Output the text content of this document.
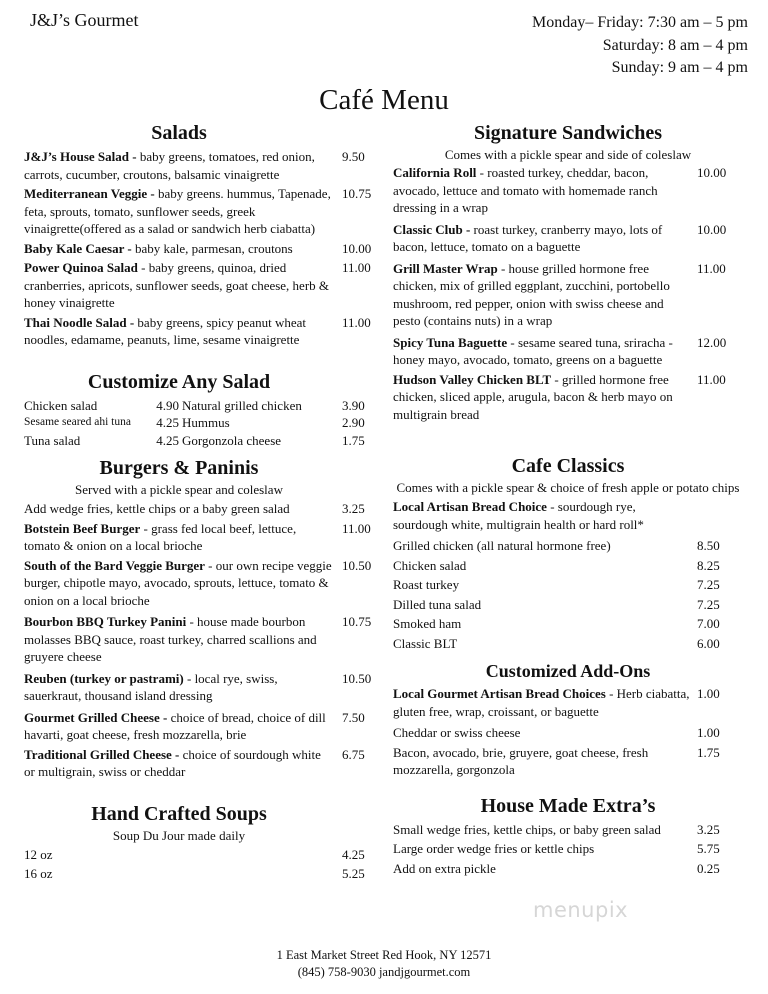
J&J’s Gourmet	Monday– Friday: 7:30 am – 5 pm
Saturday: 8 am – 4 pm
Sunday: 9 am – 4 pm
Café Menu
Salads
J&J’s House Salad - baby greens, tomatoes, red onion, carrots, cucumber, croutons, balsamic vinaigrette
9.50
Mediterranean Veggie - baby greens. hummus, Tapenade, feta, sprouts, tomato, sunflower seeds, greek vinaigrette(offered as a salad or sandwich herb ciabatta)
10.75
Baby Kale Caesar - baby kale, parmesan, croutons	10.00
Power Quinoa Salad - baby greens, quinoa, dried cranberries, apricots, sunflower seeds, goat cheese, herb & honey vinaigrette
11.00
Thai Noodle Salad - baby greens, spicy peanut wheat noodles, edamame, peanuts, lime, sesame vinaigrette
11.00
Customize Any Salad
Chicken salad	4.90 Natural grilled chicken	3.90
Sesame seared ahi tuna	4.25 Hummus	2.90
Tuna salad	4.25 Gorgonzola cheese	1.75
Burgers & Paninis
Served with a pickle spear and coleslaw
Add wedge fries, kettle chips or a baby green salad	3.25
Botstein Beef Burger - grass fed local beef, lettuce, tomato & onion on a local brioche
11.00
South of the Bard Veggie Burger - our own recipe veggie burger, chipotle mayo, avocado, sprouts, lettuce, tomato & onion on a local brioche
10.50
Bourbon BBQ Turkey Panini - house made bourbon molasses BBQ sauce, roast turkey, charred scallions and gruyere cheese
10.75
Reuben (turkey or pastrami) - local rye, swiss, sauerkraut, thousand island dressing
10.50
Gourmet Grilled Cheese - choice of bread, choice of dill havarti, goat cheese, fresh mozzarella, brie
7.50
Traditional Grilled Cheese - choice of sourdough white or multigrain, swiss or cheddar
6.75
Hand Crafted Soups
Soup Du Jour made daily
12 oz	4.25
16 oz	5.25
Signature Sandwiches
Comes with a pickle spear and side of coleslaw
California Roll - roasted turkey, cheddar, bacon, avocado, lettuce and tomato with homemade ranch dressing in a wrap
10.00
Classic Club - roast turkey, cranberry mayo, lots of bacon, lettuce, tomato on a baguette
10.00
Grill Master Wrap - house grilled hormone free chicken, mix of grilled eggplant, zucchini, portobello mushroom, red pepper, onion with swiss cheese and pesto (contains nuts) in a wrap
11.00
Spicy Tuna Baguette - sesame seared tuna, sriracha - honey mayo, avocado, tomato, greens on a baguette
12.00
Hudson Valley Chicken BLT - grilled hormone free chicken, sliced apple, arugula, bacon & herb mayo on multigrain bread
11.00
Cafe Classics
Comes with a pickle spear & choice of fresh apple or potato chips
Local Artisan Bread Choice - sourdough rye, sourdough white, multigrain health or hard roll*
Grilled chicken (all natural hormone free)	8.50
Chicken salad	8.25
Roast turkey	7.25
Dilled tuna salad	7.25
Smoked ham	7.00
Classic BLT	6.00
Customized Add-Ons
Local Gourmet Artisan Bread Choices - Herb ciabatta, gluten free, wrap, croissant, or baguette
1.00
Cheddar or swiss cheese	1.00
Bacon, avocado, brie, gruyere, goat cheese, fresh mozzarella, gorgonzola
1.75
House Made Extra’s
Small wedge fries, kettle chips, or baby green salad	3.25
Large order wedge fries or kettle chips	5.75
Add on extra pickle	0.25
menupix
1 East Market Street Red Hook, NY 12571
(845) 758-9030 jandjgourmet.com
